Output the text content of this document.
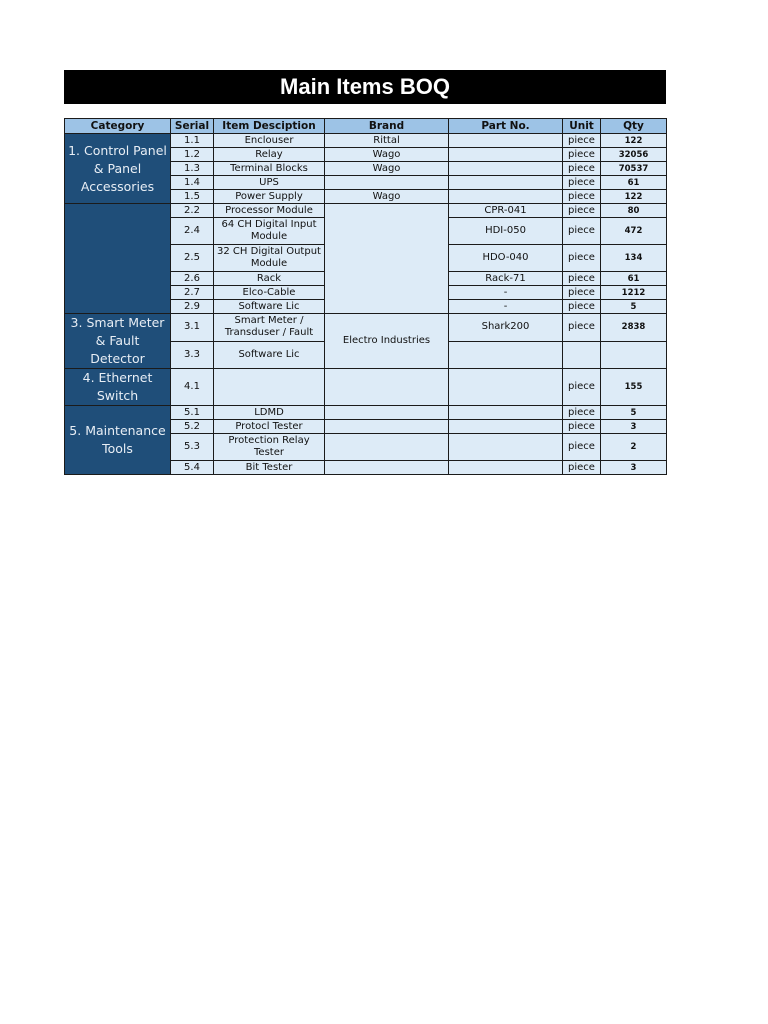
Main Items BOQ
Category	Serial	Item Desciption	Brand	Part No.	Unit	Qty
1. Control Panel & Panel Accessories	1.1	Enclouser	Rittal		piece	122
	1.2	Relay	Wago		piece	32056
	1.3	Terminal Blocks	Wago		piece	70537
	1.4	UPS			piece	61
	1.5	Power Supply	Wago		piece	122
	2.2	Processor Module		CPR-041	piece	80
	2.4	64 CH Digital Input Module		HDI-050	piece	472
	2.5	32 CH Digital Output Module		HDO-040	piece	134
	2.6	Rack		Rack-71	piece	61
	2.7	Elco-Cable		-	piece	1212
	2.9	Software Lic		-	piece	5
3. Smart Meter & Fault Detector	3.1	Smart Meter / Transduser / Fault	Electro Industries	Shark200	piece	2838
	3.3	Software Lic				
4. Ethernet Switch	4.1				piece	155
5. Maintenance Tools	5.1	LDMD			piece	5
	5.2	Protocl Tester			piece	3
	5.3	Protection Relay Tester			piece	2
	5.4	Bit Tester			piece	3
